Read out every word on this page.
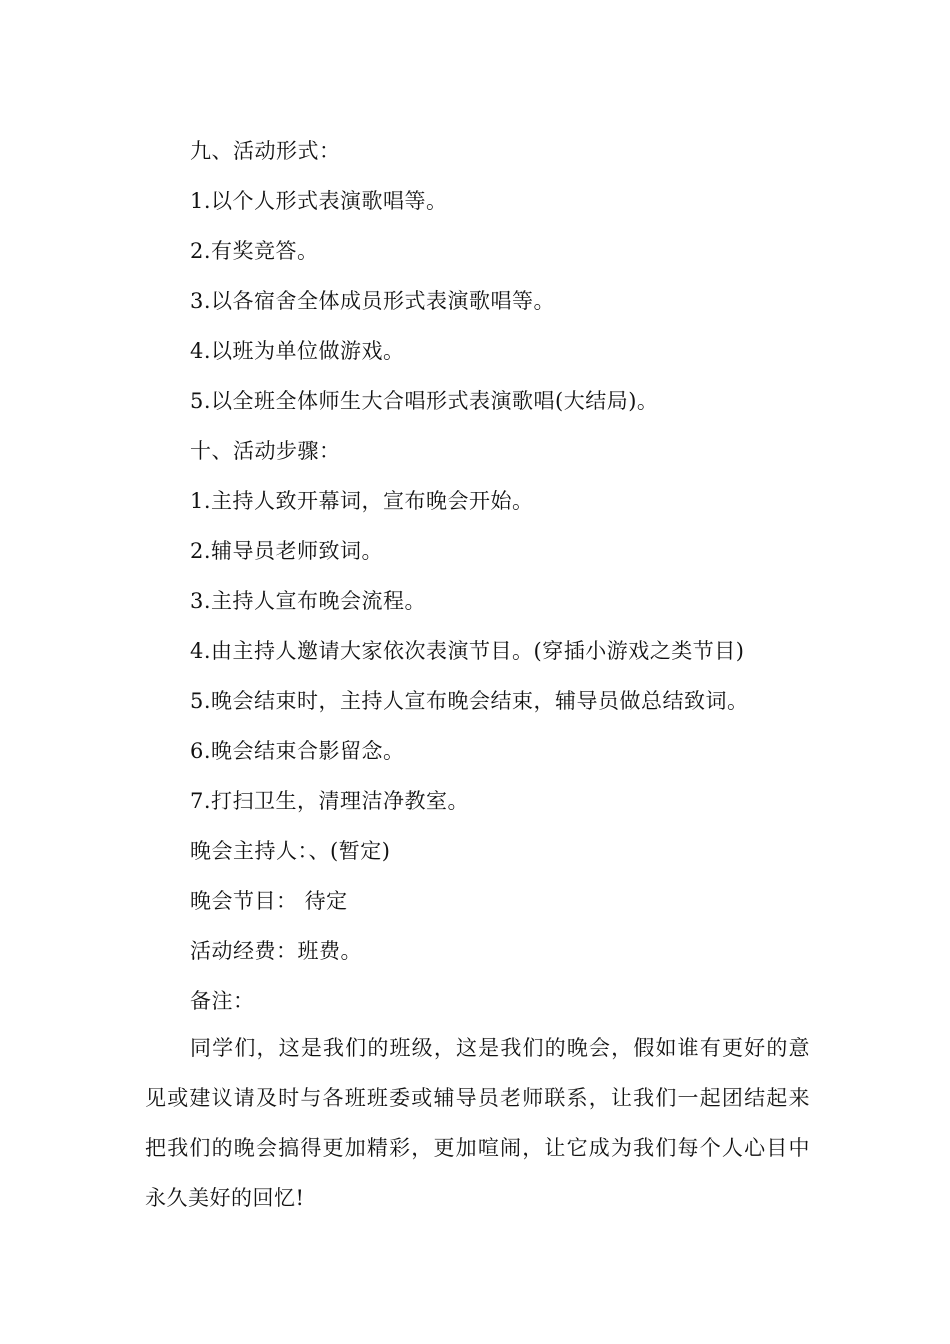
九、活动形式：
1.以个人形式表演歌唱等。
2.有奖竞答。
3.以各宿舍全体成员形式表演歌唱等。
4.以班为单位做游戏。
5.以全班全体师生大合唱形式表演歌唱(大结局)。
十、活动步骤：
1.主持人致开幕词，宣布晚会开始。
2.辅导员老师致词。
3.主持人宣布晚会流程。
4.由主持人邀请大家依次表演节目。(穿插小游戏之类节目)
5.晚会结束时，主持人宣布晚会结束，辅导员做总结致词。
6.晚会结束合影留念。
7.打扫卫生，清理洁净教室。
晚会主持人：、(暂定)
晚会节目： 待定
活动经费：班费。
备注：
同学们，这是我们的班级，这是我们的晚会，假如谁有更好的意见或建议请及时与各班班委或辅导员老师联系，让我们一起团结起来把我们的晚会搞得更加精彩，更加喧闹，让它成为我们每个人心目中永久美好的回忆!
